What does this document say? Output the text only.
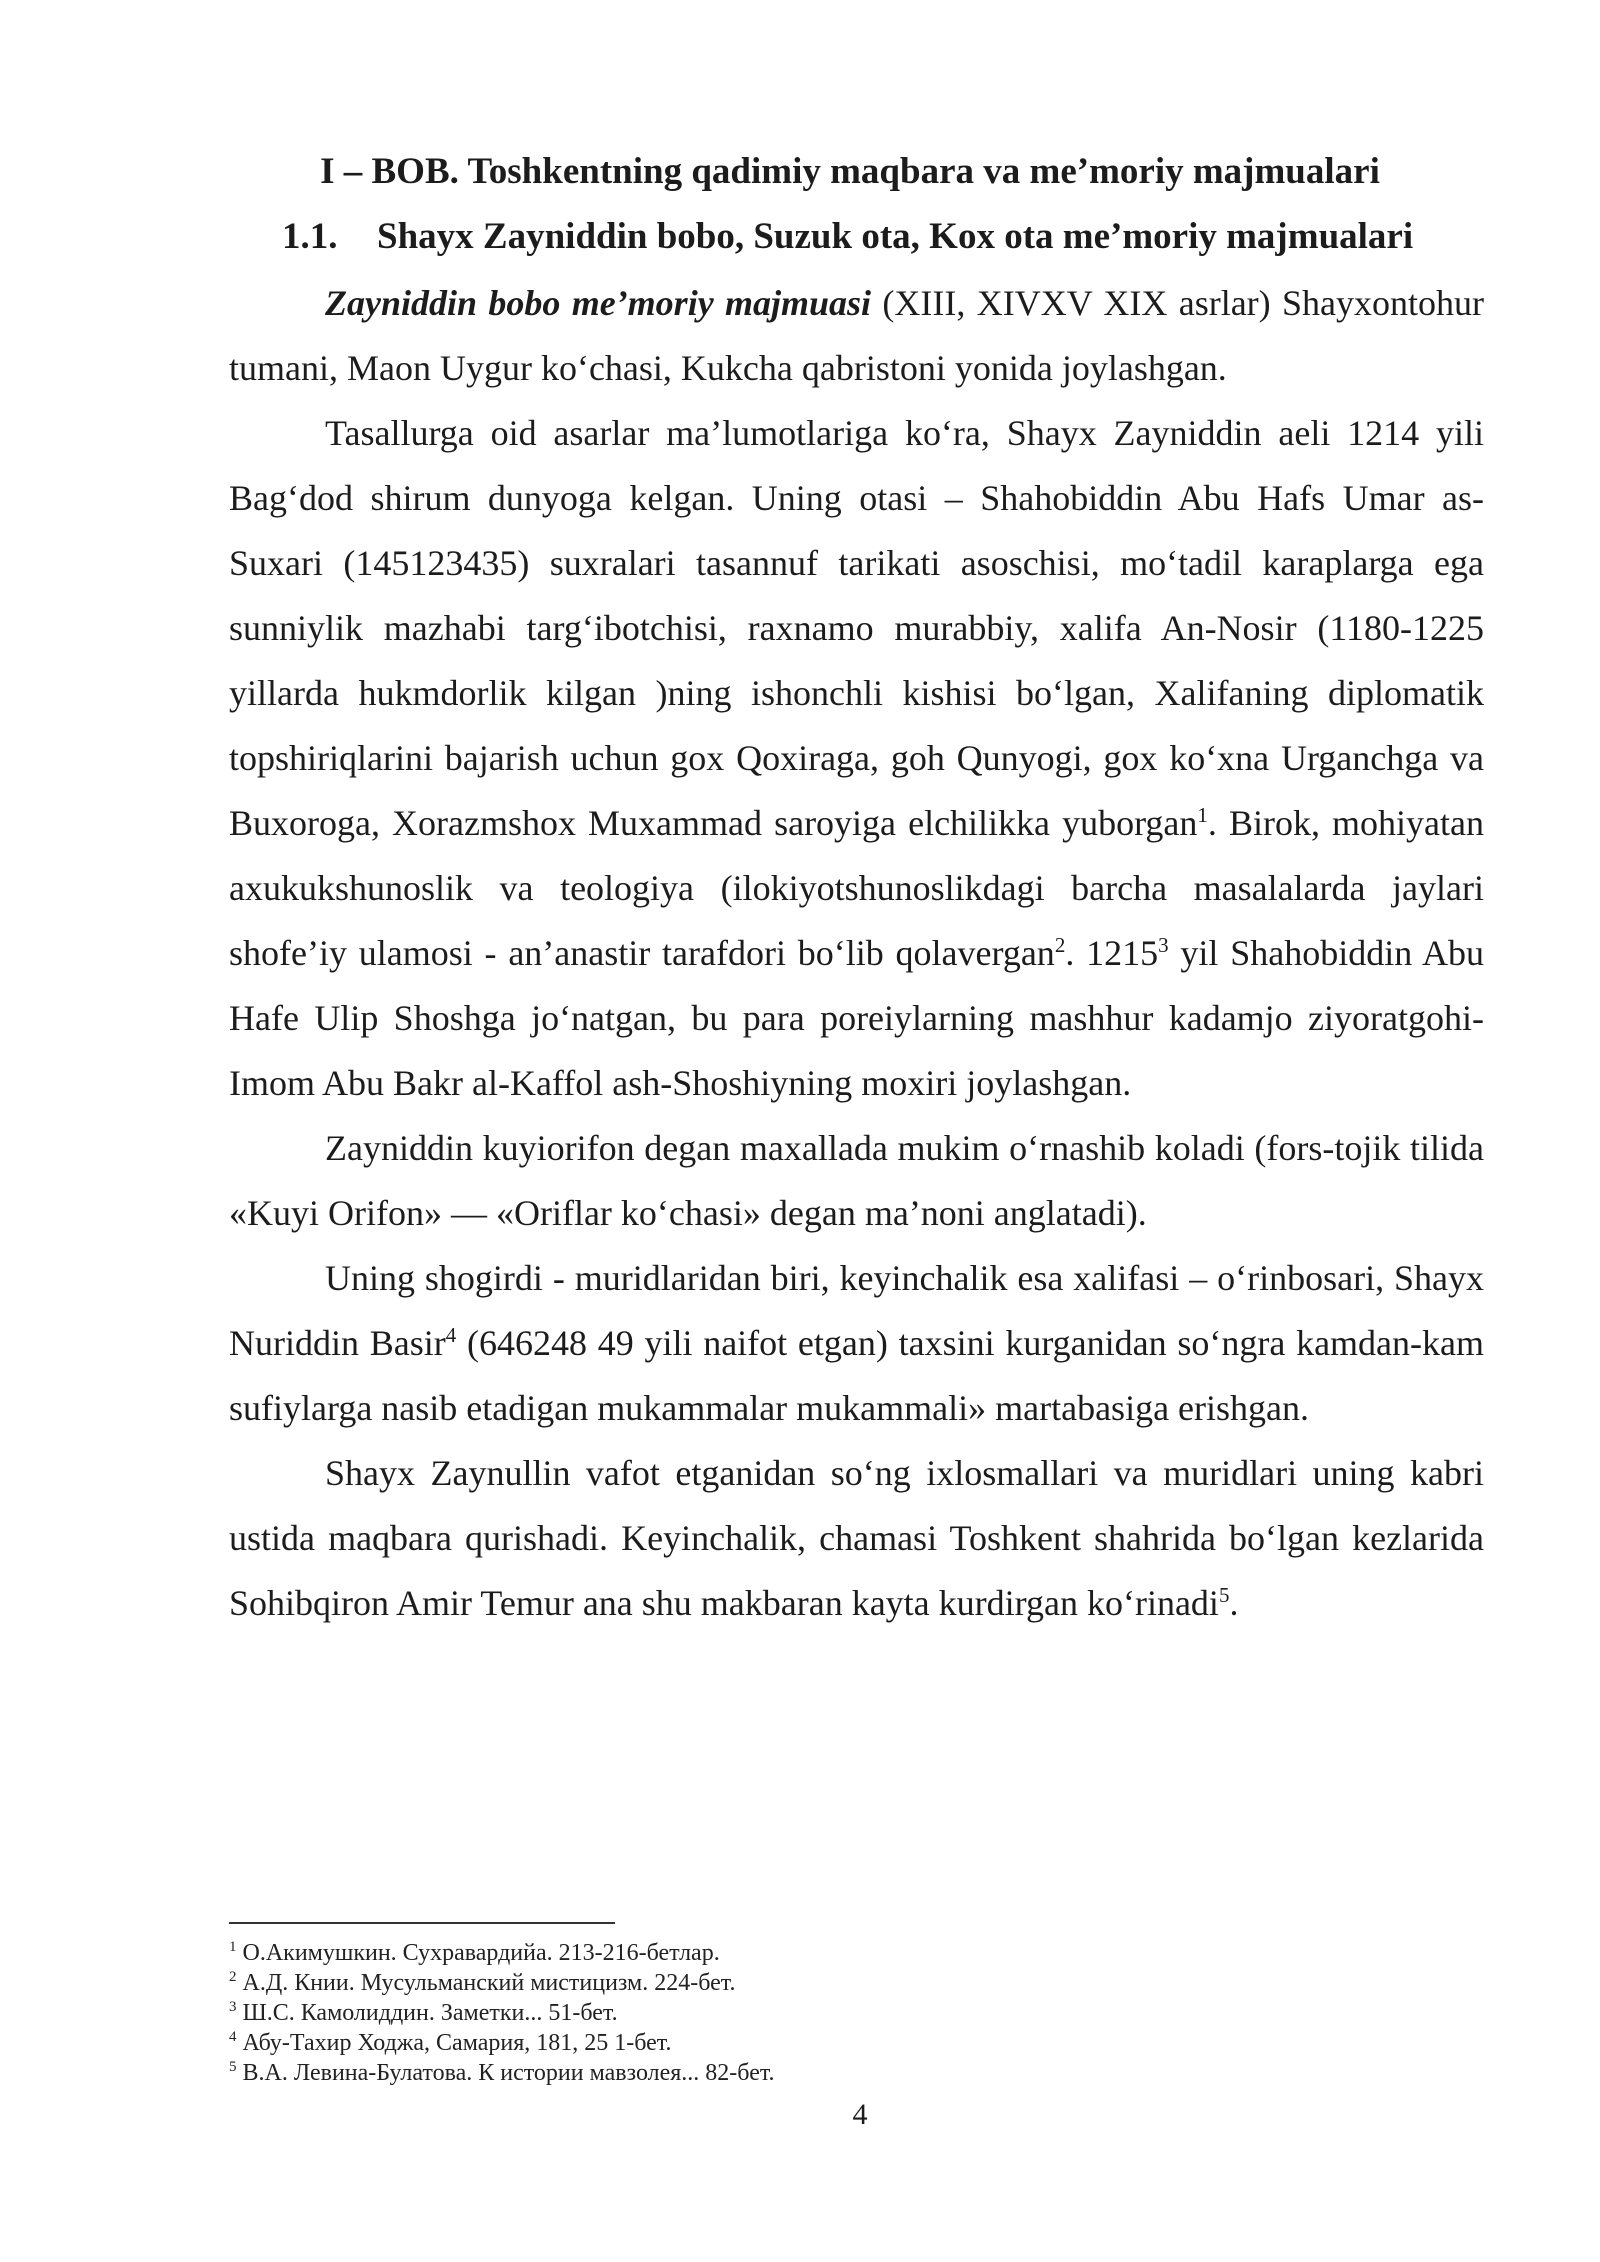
I – BOB. Toshkentning qadimiy maqbara va me’moriy majmualari
1.1. Shayx Zayniddin bobo, Suzuk ota, Kox ota me’moriy majmualari

Zayniddin bobo me’moriy majmuasi (XIII, XIVXV XIX asrlar) Shayxontohur tumani, Maon Uygur ko‘chasi, Kukcha qabristoni yonida joylashgan.

Tasallurga oid asarlar ma’lumotlariga ko‘ra, Shayx Zayniddin aeli 1214 yili Bag‘dod shirum dunyoga kelgan. Uning otasi – Shahobiddin Abu Hafs Umar as-Suxari (145123435) suxralari tasannuf tarikati asoschisi, mo‘tadil karaplarga ega sunniylik mazhabi targ‘ibotchisi, raxnamo murabbiy, xalifa An-Nosir (1180-1225 yillarda hukmdorlik kilgan )ning ishonchli kishisi bo‘lgan, Xalifaning diplomatik topshiriqlarini bajarish uchun gox Qoxiraga, goh Qunyogi, gox ko‘xna Urganchga va Buxoroga, Xorazmshox Muxammad saroyiga elchilikka yuborgan$^1$. Birok, mohiyatan axukukshunoslik va teologiya (ilokiyotshunoslikdagi barcha masalalarda jaylari shofe’iy ulamosi - an’anastir tarafdori bo‘lib qolavergan$^2$. 1215$^3$ yil Shahobiddin Abu Hafe Ulip Shoshga jo‘natgan, bu para poreiylarning mashhur kadamjo ziyoratgohi-Imom Abu Bakr al-Kaffol ash-Shoshiyning moxiri joylashgan.

Zayniddin kuyiorifon degan maxallada mukim o‘rnashib koladi (fors-tojik tilida «Kuyi Orifon» — «Oriflar ko‘chasi» degan ma’noni anglatadi).

Uning shogirdi - muridlaridan biri, keyinchalik esa xalifasi – o‘rinbosari, Shayx Nuriddin Basir$^4$ (646248 49 yili naifot etgan) taxsini kurganidan so‘ngra kamdan-kam sufiylarga nasib etadigan mukammalar mukammali» martabasiga erishgan.

Shayx Zaynullin vafot etganidan so‘ng ixlosmallari va muridlari uning kabri ustida maqbara qurishadi. Keyinchalik, chamasi Toshkent shahrida bo‘lgan kezlarida Sohibqiron Amir Temur ana shu makbaran kayta kurdirgan ko‘rinadi$^5$.

$^1$ О.Акимушкин. Сухравардийа. 213-216-бетлар.
$^2$ А.Д. Книи. Мусульманский мистицизм. 224-бет.
$^3$ Ш.С. Камолиддин. Заметки... 51-бет.
$^4$ Абу-Тахир Ходжа, Самария, 181, 25 1-бет.
$^5$ В.А. Левина-Булатова. К истории мавзолея... 82-бет.
4
